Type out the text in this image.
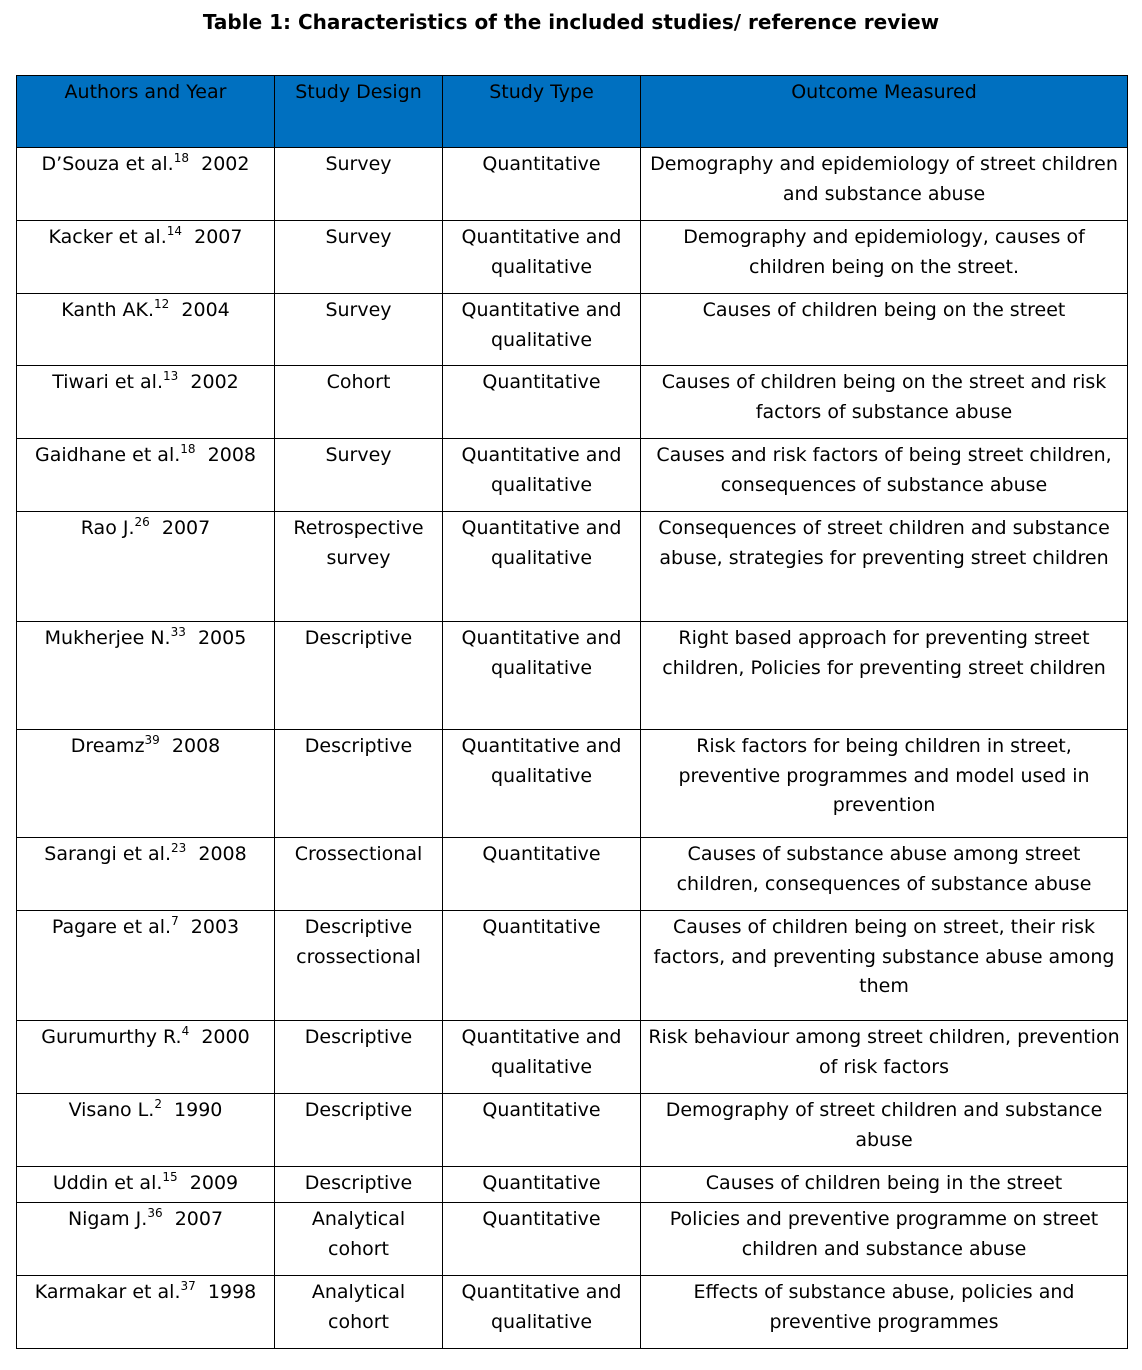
Table 1: Characteristics of the included studies/ reference review
Authors and Year	Study Design	Study Type	Outcome Measured
D’Souza et al.$^{18}$ 2002	Survey	Quantitative	Demography and epidemiology of street children and substance abuse
Kacker et al.$^{14}$ 2007	Survey	Quantitative and qualitative	Demography and epidemiology, causes of children being on the street.
Kanth AK.$^{12}$ 2004	Survey	Quantitative and qualitative	Causes of children being on the street
Tiwari et al.$^{13}$ 2002	Cohort	Quantitative	Causes of children being on the street and risk factors of substance abuse
Gaidhane et al.$^{18}$ 2008	Survey	Quantitative and qualitative	Causes and risk factors of being street children, consequences of substance abuse
Rao J.$^{26}$ 2007	Retrospective survey	Quantitative and qualitative	Consequences of street children and substance abuse, strategies for preventing street children
Mukherjee N.$^{33}$ 2005	Descriptive	Quantitative and qualitative	Right based approach for preventing street children, Policies for preventing street children
Dreamz$^{39}$ 2008	Descriptive	Quantitative and qualitative	Risk factors for being children in street, preventive programmes and model used in prevention
Sarangi et al.$^{23}$ 2008	Crossectional	Quantitative	Causes of substance abuse among street children, consequences of substance abuse
Pagare et al.$^7$ 2003	Descriptive crossectional	Quantitative	Causes of children being on street, their risk factors, and preventing substance abuse among them
Gurumurthy R.$^4$ 2000	Descriptive	Quantitative and qualitative	Risk behaviour among street children, prevention of risk factors
Visano L.$^2$ 1990	Descriptive	Quantitative	Demography of street children and substance abuse
Uddin et al.$^{15}$ 2009	Descriptive	Quantitative	Causes of children being in the street
Nigam J.$^{36}$ 2007	Analytical cohort	Quantitative	Policies and preventive programme on street children and substance abuse
Karmakar et al.$^{37}$ 1998	Analytical cohort	Quantitative and qualitative	Effects of substance abuse, policies and preventive programmes
